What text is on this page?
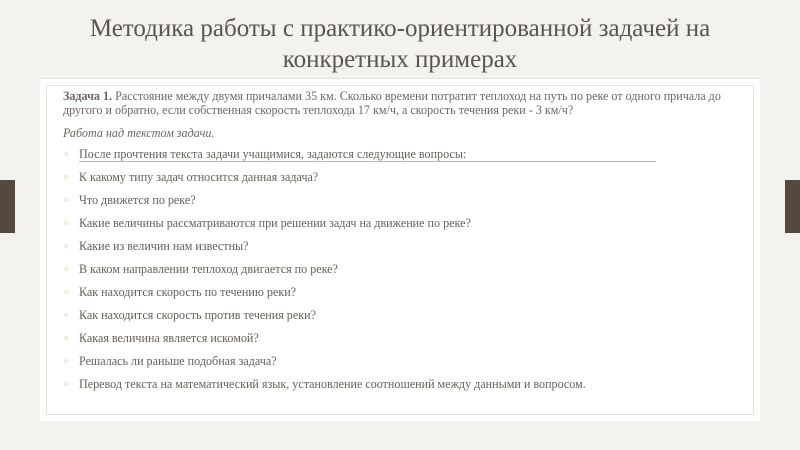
Методика работы с практико-ориентированной задачей на конкретных примерах

Задача 1. Расстояние между двумя причалами 35 км. Сколько времени потратит теплоход на путь по реке от одного причала до другого и обратно, если собственная скорость теплохода 17 км/ч, а скорость течения реки - 3 км/ч?

Работа над текстом задачи.

◦ После прочтения текста задачи учащимися, задаются следующие вопросы:
◦ К какому типу задач относится данная задача?
◦ Что движется по реке?
◦ Какие величины рассматриваются при решении задач на движение по реке?
◦ Какие из величин нам известны?
◦ В каком направлении теплоход двигается по реке?
◦ Как находится скорость по течению реки?
◦ Как находится скорость против течения реки?
◦ Какая величина является искомой?
◦ Решалась ли раньше подобная задача?
◦ Перевод текста на математический язык, установление соотношений между данными и вопросом.
